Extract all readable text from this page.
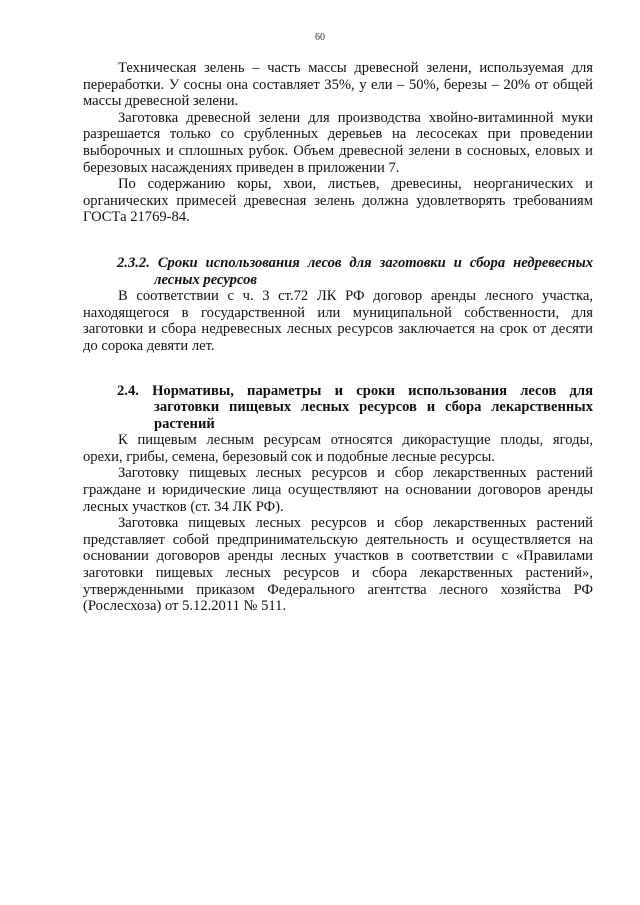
60

Техническая зелень – часть массы древесной зелени, используемая для переработки. У сосны она составляет 35%, у ели – 50%, березы – 20% от общей массы древесной зелени.

Заготовка древесной зелени для производства хвойно-витаминной муки разрешается только со срубленных деревьев на лесосеках при проведении выборочных и сплошных рубок. Объем древесной зелени в сосновых, еловых и березовых насаждениях приведен в приложении 7.

По содержанию коры, хвои, листьев, древесины, неорганических и органических примесей древесная зелень должна удовлетворять требованиям ГОСТа 21769-84.

2.3.2. Сроки использования лесов для заготовки и сбора недревесных лесных ресурсов

В соответствии с ч. 3 ст.72 ЛК РФ договор аренды лесного участка, находящегося в государственной или муниципальной собственности, для заготовки и сбора недревесных лесных ресурсов заключается на срок от десяти до сорока девяти лет.

2.4. Нормативы, параметры и сроки использования лесов для заготовки пищевых лесных ресурсов и сбора лекарственных растений

К пищевым лесным ресурсам относятся дикорастущие плоды, ягоды, орехи, грибы, семена, березовый сок и подобные лесные ресурсы.

Заготовку пищевых лесных ресурсов и сбор лекарственных растений граждане и юридические лица осуществляют на основании договоров аренды лесных участков (ст. 34 ЛК РФ).

Заготовка пищевых лесных ресурсов и сбор лекарственных растений представляет собой предпринимательскую деятельность и осуществляется на основании договоров аренды лесных участков в соответствии с «Правилами заготовки пищевых лесных ресурсов и сбора лекарственных растений», утвержденными приказом Федерального агентства лесного хозяйства РФ (Рослесхоза) от 5.12.2011 № 511.
